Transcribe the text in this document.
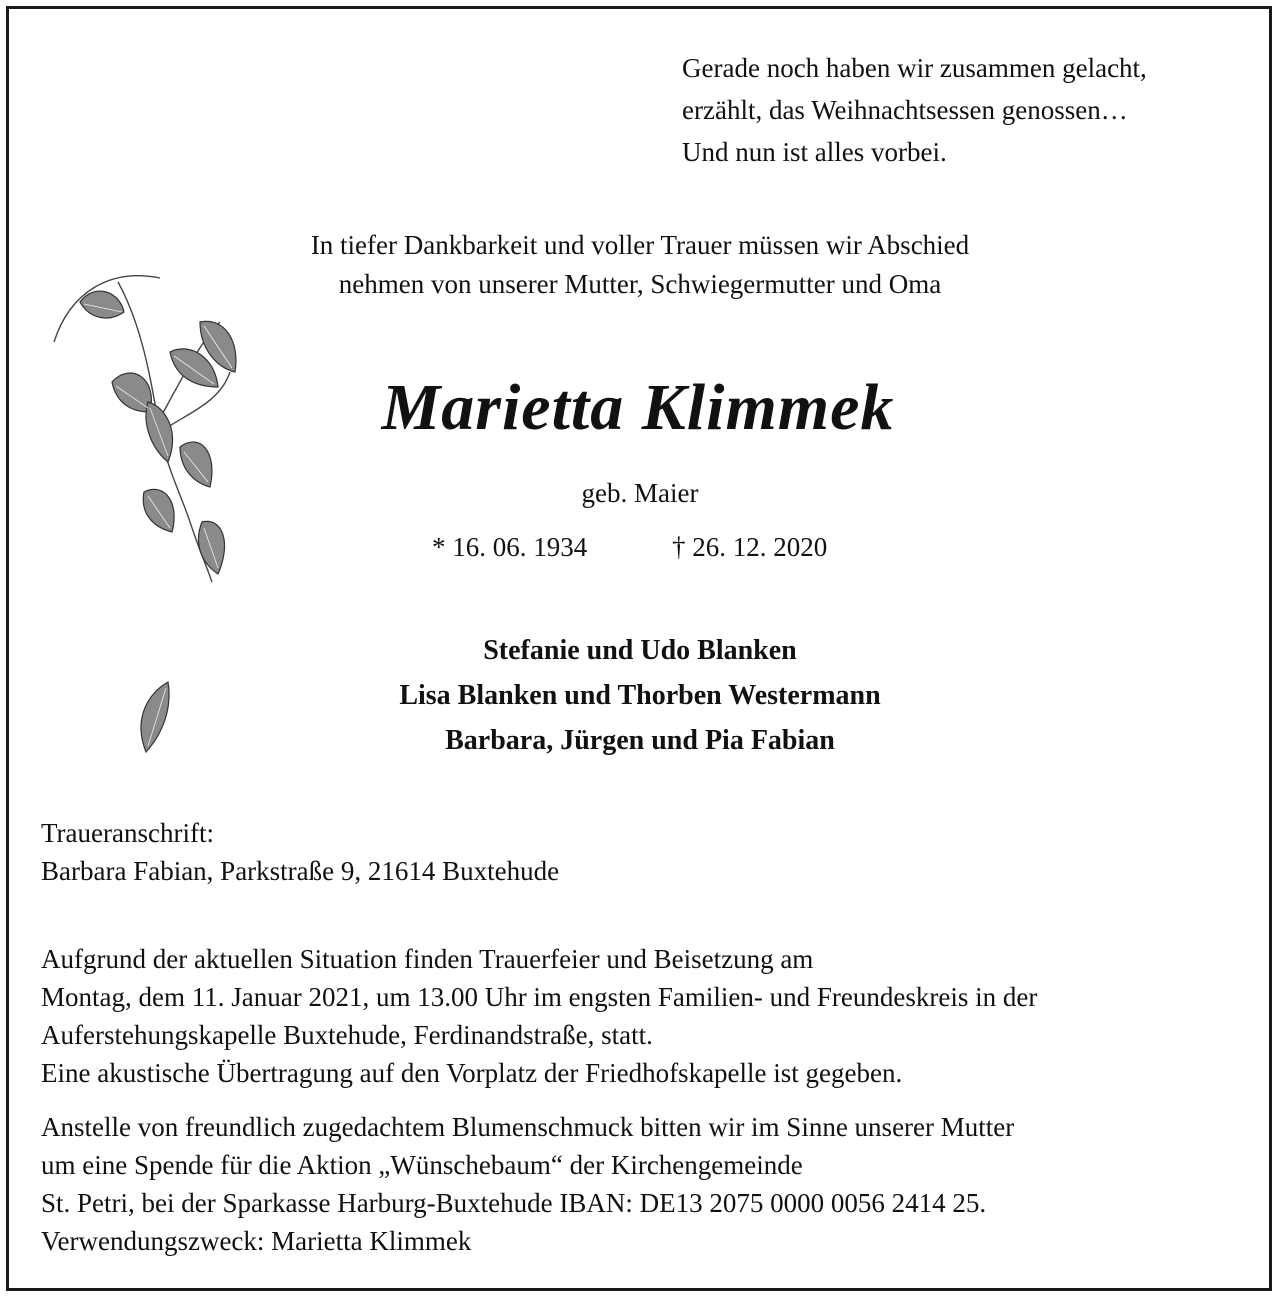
Gerade noch haben wir zusammen gelacht,
erzählt, das Weihnachtsessen genossen…
Und nun ist alles vorbei.
In tiefer Dankbarkeit und voller Trauer müssen wir Abschied
nehmen von unserer Mutter, Schwiegermutter und Oma
Marietta Klimmek
geb. Maier
* 16. 06. 1934	† 26. 12. 2020
Stefanie und Udo Blanken
Lisa Blanken und Thorben Westermann
Barbara, Jürgen und Pia Fabian
Traueranschrift:
Barbara Fabian, Parkstraße 9, 21614 Buxtehude
Aufgrund der aktuellen Situation finden Trauerfeier und Beisetzung am
Montag, dem 11. Januar 2021, um 13.00 Uhr im engsten Familien- und Freundeskreis in der
Auferstehungskapelle Buxtehude, Ferdinandstraße, statt.
Eine akustische Übertragung auf den Vorplatz der Friedhofskapelle ist gegeben.
Anstelle von freundlich zugedachtem Blumenschmuck bitten wir im Sinne unserer Mutter
um eine Spende für die Aktion „Wünschebaum“ der Kirchengemeinde
St. Petri, bei der Sparkasse Harburg-Buxtehude IBAN: DE13 2075 0000 0056 2414 25.
Verwendungszweck: Marietta Klimmek
